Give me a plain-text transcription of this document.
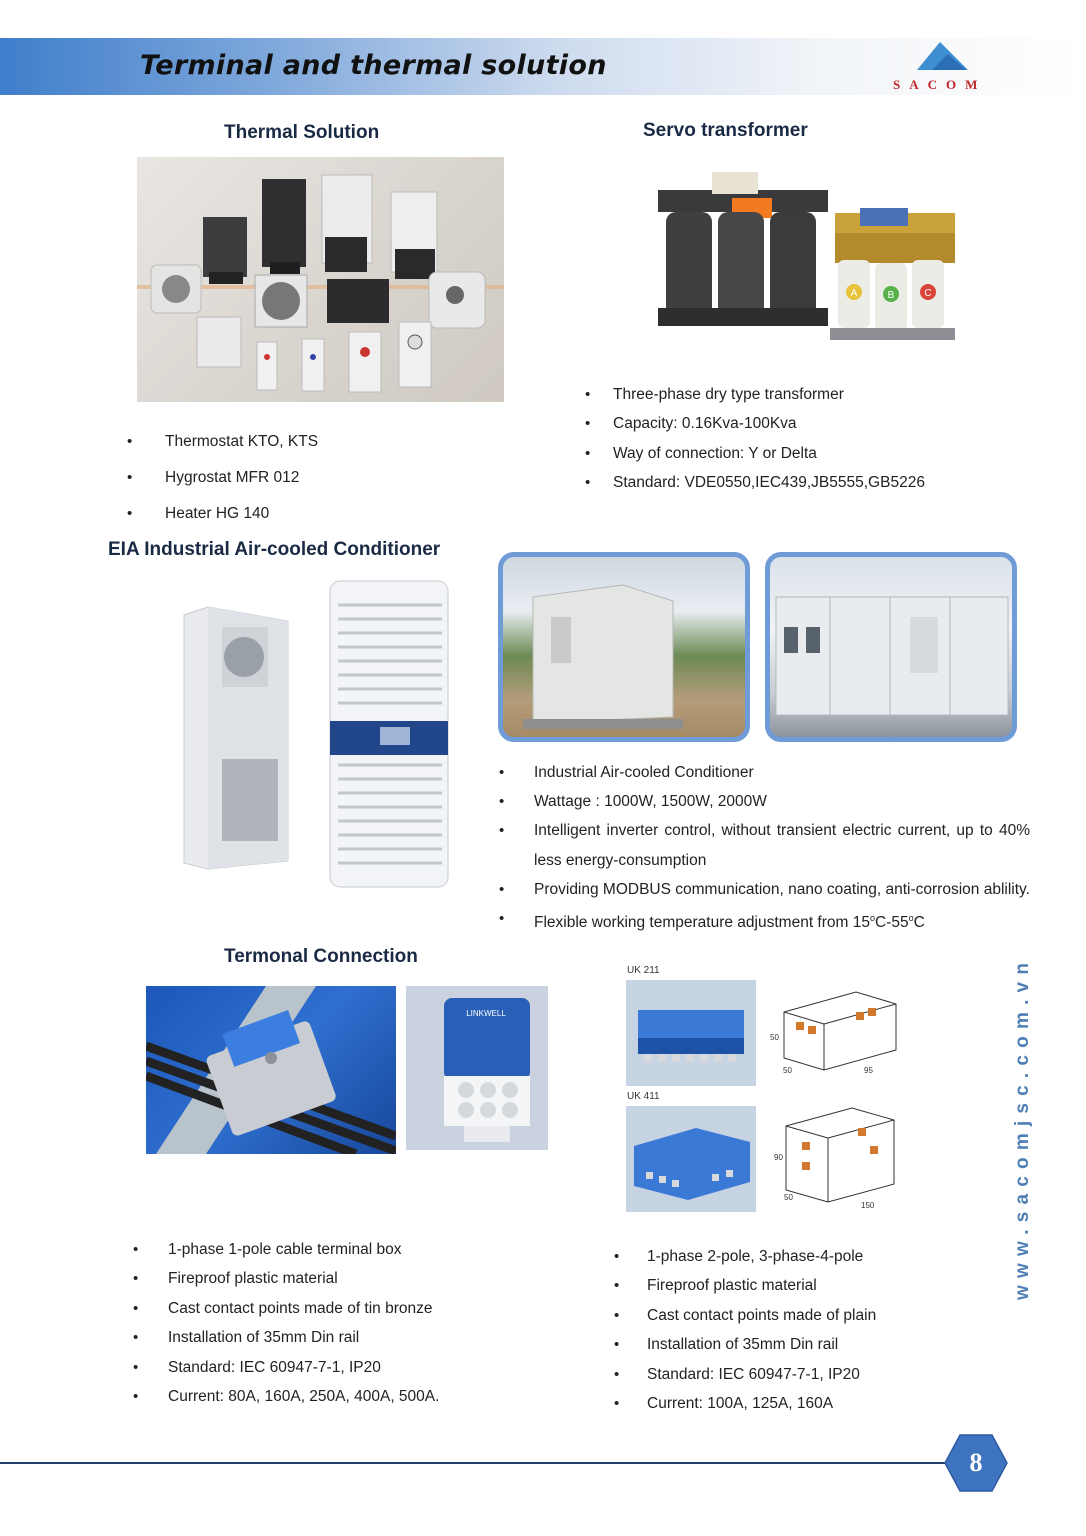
Terminal and thermal solution
SACOM
Thermal Solution
• Thermostat KTO, KTS
• Hygrostat MFR 012
• Heater HG 140
Servo transformer
A	B	C
• Three-phase dry type transformer
• Capacity: 0.16Kva-100Kva
• Way of connection: Y or Delta
• Standard: VDE0550,IEC439,JB5555,GB5226
EIA Industrial Air-cooled Conditioner
• Industrial Air-cooled Conditioner
• Wattage : 1000W, 1500W, 2000W
• Intelligent inverter control, without transient electric current, up to 40% less energy-consumption
• Providing MODBUS communication, nano coating, anti-corrosion ablility.
• Flexible working temperature adjustment from 15$^o$C-55$^o$C
Termonal Connection
LINKWELL
UK 211
50
50	95
UK 411
90
50
150
• 1-phase 1-pole cable terminal box
• Fireproof plastic material
• Cast contact points made of tin bronze
• Installation of 35mm Din rail
• Standard: IEC 60947-7-1, IP20
• Current: 80A, 160A, 250A, 400A, 500A.
• 1-phase 2-pole, 3-phase-4-pole
• Fireproof plastic material
• Cast contact points made of plain
• Installation of 35mm Din rail
• Standard: IEC 60947-7-1, IP20
• Current: 100A, 125A, 160A
www.sacomjsc.com.vn
8
